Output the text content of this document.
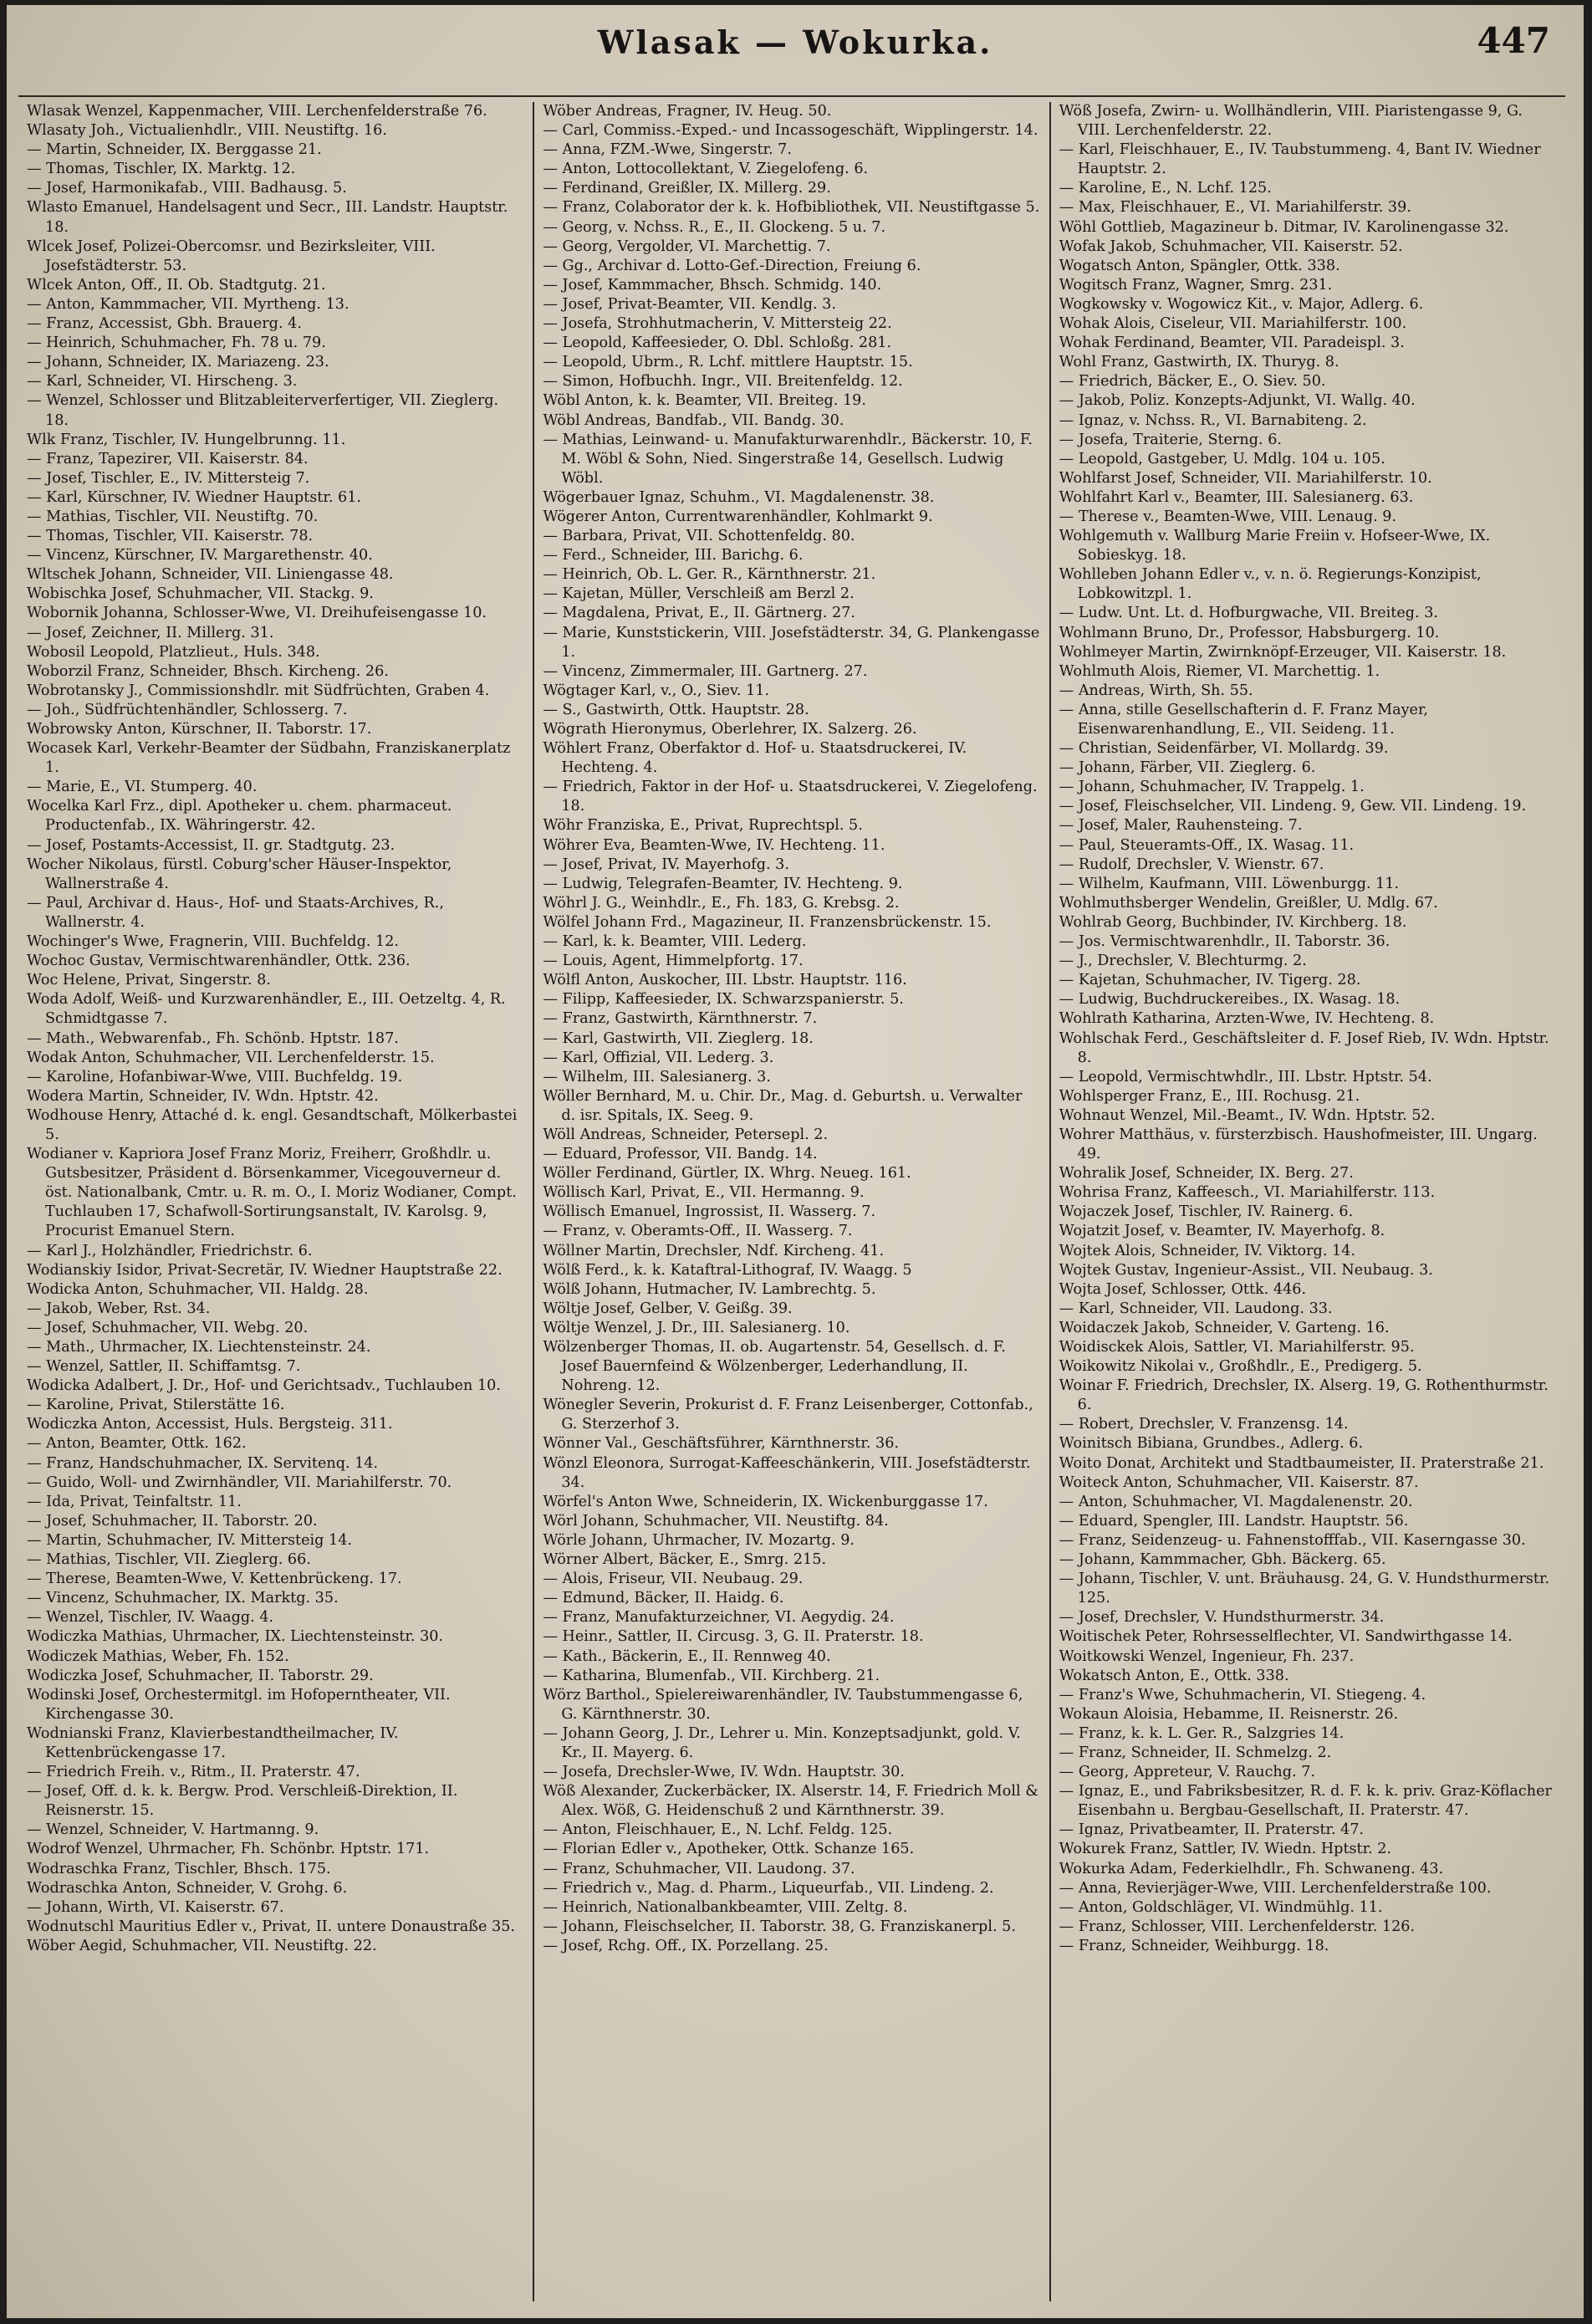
Wlasak — Wokurka.	447

Wlasak Wenzel, Kappenmacher, VIII. Lerchenfelderstraße 76.

Wlasaty Joh., Victualienhdlr., VIII. Neustiftg. 16.

— Martin, Schneider, IX. Berggasse 21.

— Thomas, Tischler, IX. Marktg. 12.

— Josef, Harmonikafab., VIII. Badhausg. 5.

Wlasto Emanuel, Handelsagent und Secr., III. Landstr. Hauptstr. 18.

Wlcek Josef, Polizei-Obercomsr. und Bezirksleiter, VIII. Josefstädterstr. 53.

Wlcek Anton, Off., II. Ob. Stadtgutg. 21.

— Anton, Kammmacher, VII. Myrtheng. 13.

— Franz, Accessist, Gbh. Brauerg. 4.

— Heinrich, Schuhmacher, Fh. 78 u. 79.

— Johann, Schneider, IX. Mariazeng. 23.

— Karl, Schneider, VI. Hirscheng. 3.

— Wenzel, Schlosser und Blitzableiterverfertiger, VII. Zieglerg. 18.

Wlk Franz, Tischler, IV. Hungelbrunng. 11.

— Franz, Tapezirer, VII. Kaiserstr. 84.

— Josef, Tischler, E., IV. Mittersteig 7.

— Karl, Kürschner, IV. Wiedner Hauptstr. 61.

— Mathias, Tischler, VII. Neustiftg. 70.

— Thomas, Tischler, VII. Kaiserstr. 78.

— Vincenz, Kürschner, IV. Margarethenstr. 40.

Wltschek Johann, Schneider, VII. Liniengasse 48.

Wobischka Josef, Schuhmacher, VII. Stackg. 9.

Wobornik Johanna, Schlosser-Wwe, VI. Dreihufeisengasse 10.

— Josef, Zeichner, II. Millerg. 31.

Wobosil Leopold, Platzlieut., Huls. 348.

Woborzil Franz, Schneider, Bhsch. Kircheng. 26.

Wobrotansky J., Commissionshdlr. mit Südfrüchten, Graben 4.

— Joh., Südfrüchtenhändler, Schlosserg. 7.

Wobrowsky Anton, Kürschner, II. Taborstr. 17.

Wocasek Karl, Verkehr-Beamter der Südbahn, Franziskanerplatz 1.

— Marie, E., VI. Stumperg. 40.

Wocelka Karl Frz., dipl. Apotheker u. chem. pharmaceut. Productenfab., IX. Währingerstr. 42.

— Josef, Postamts-Accessist, II. gr. Stadtgutg. 23.

Wocher Nikolaus, fürstl. Coburg'scher Häuser-Inspektor, Wallnerstraße 4.

— Paul, Archivar d. Haus-, Hof- und Staats-Archives, R., Wallnerstr. 4.

Wochinger's Wwe, Fragnerin, VIII. Buchfeldg. 12.

Wochoc Gustav, Vermischtwarenhändler, Ottk. 236.

Woc Helene, Privat, Singerstr. 8.

Woda Adolf, Weiß- und Kurzwarenhändler, E., III. Oetzeltg. 4, R. Schmidtgasse 7.

— Math., Webwarenfab., Fh. Schönb. Hptstr. 187.

Wodak Anton, Schuhmacher, VII. Lerchenfelderstr. 15.

— Karoline, Hofanbiwar-Wwe, VIII. Buchfeldg. 19.

Wodera Martin, Schneider, IV. Wdn. Hptstr. 42.

Wodhouse Henry, Attaché d. k. engl. Gesandtschaft, Mölkerbastei 5.

Wodianer v. Kapriora Josef Franz Moriz, Freiherr, Großhdlr. u. Gutsbesitzer, Präsident d. Börsenkammer, Vicegouverneur d. öst. Nationalbank, Cmtr. u. R. m. O., I. Moriz Wodianer, Compt. Tuchlauben 17, Schafwoll-Sortirungsanstalt, IV. Karolsg. 9, Procurist Emanuel Stern.

— Karl J., Holzhändler, Friedrichstr. 6.

Wodianskiy Isidor, Privat-Secretär, IV. Wiedner Hauptstraße 22.

Wodicka Anton, Schuhmacher, VII. Haldg. 28.

— Jakob, Weber, Rst. 34.

— Josef, Schuhmacher, VII. Webg. 20.

— Math., Uhrmacher, IX. Liechtensteinstr. 24.

— Wenzel, Sattler, II. Schiffamtsg. 7.

Wodicka Adalbert, J. Dr., Hof- und Gerichtsadv., Tuchlauben 10.

— Karoline, Privat, Stilerstätte 16.

Wodiczka Anton, Accessist, Huls. Bergsteig. 311.

— Anton, Beamter, Ottk. 162.

— Franz, Handschuhmacher, IX. Servitenq. 14.

— Guido, Woll- und Zwirnhändler, VII. Mariahilferstr. 70.

— Ida, Privat, Teinfaltstr. 11.

— Josef, Schuhmacher, II. Taborstr. 20.

— Martin, Schuhmacher, IV. Mittersteig 14.

— Mathias, Tischler, VII. Zieglerg. 66.

— Therese, Beamten-Wwe, V. Kettenbrückeng. 17.

— Vincenz, Schuhmacher, IX. Marktg. 35.

— Wenzel, Tischler, IV. Waagg. 4.

Wodiczka Mathias, Uhrmacher, IX. Liechtensteinstr. 30.

Wodiczek Mathias, Weber, Fh. 152.

Wodiczka Josef, Schuhmacher, II. Taborstr. 29.

Wodinski Josef, Orchestermitgl. im Hofoperntheater, VII. Kirchengasse 30.

Wodnianski Franz, Klavierbestandtheilmacher, IV. Kettenbrückengasse 17.

— Friedrich Freih. v., Ritm., II. Praterstr. 47.

— Josef, Off. d. k. k. Bergw. Prod. Verschleiß-Direktion, II. Reisnerstr. 15.

— Wenzel, Schneider, V. Hartmanng. 9.

Wodrof Wenzel, Uhrmacher, Fh. Schönbr. Hptstr. 171.

Wodraschka Franz, Tischler, Bhsch. 175.

Wodraschka Anton, Schneider, V. Grohg. 6.

— Johann, Wirth, VI. Kaiserstr. 67.

Wodnutschl Mauritius Edler v., Privat, II. untere Donaustraße 35.

Wöber Aegid, Schuhmacher, VII. Neustiftg. 22.

Wöber Andreas, Fragner, IV. Heug. 50.

— Carl, Commiss.-Exped.- und Incassogeschäft, Wipplingerstr. 14.

— Anna, FZM.-Wwe, Singerstr. 7.

— Anton, Lottocollektant, V. Ziegelofeng. 6.

— Ferdinand, Greißler, IX. Millerg. 29.

— Franz, Colaborator der k. k. Hofbibliothek, VII. Neustiftgasse 5.

— Georg, v. Nchss. R., E., II. Glockeng. 5 u. 7.

— Georg, Vergolder, VI. Marchettig. 7.

— Gg., Archivar d. Lotto-Gef.-Direction, Freiung 6.

— Josef, Kammmacher, Bhsch. Schmidg. 140.

— Josef, Privat-Beamter, VII. Kendlg. 3.

— Josefa, Strohhutmacherin, V. Mittersteig 22.

— Leopold, Kaffeesieder, O. Dbl. Schloßg. 281.

— Leopold, Ubrm., R. Lchf. mittlere Hauptstr. 15.

— Simon, Hofbuchh. Ingr., VII. Breitenfeldg. 12.

Wöbl Anton, k. k. Beamter, VII. Breiteg. 19.

Wöbl Andreas, Bandfab., VII. Bandg. 30.

— Mathias, Leinwand- u. Manufakturwarenhdlr., Bäckerstr. 10, F. M. Wöbl & Sohn, Nied. Singerstraße 14, Gesellsch. Ludwig Wöbl.

Wögerbauer Ignaz, Schuhm., VI. Magdalenenstr. 38.

Wögerer Anton, Currentwarenhändler, Kohlmarkt 9.

— Barbara, Privat, VII. Schottenfeldg. 80.

— Ferd., Schneider, III. Barichg. 6.

— Heinrich, Ob. L. Ger. R., Kärnthnerstr. 21.

— Kajetan, Müller, Verschleiß am Berzl 2.

— Magdalena, Privat, E., II. Gärtnerg. 27.

— Marie, Kunststickerin, VIII. Josefstädterstr. 34, G. Plankengasse 1.

— Vincenz, Zimmermaler, III. Gartnerg. 27.

Wögtager Karl, v., O., Siev. 11.

— S., Gastwirth, Ottk. Hauptstr. 28.

Wögrath Hieronymus, Oberlehrer, IX. Salzerg. 26.

Wöhlert Franz, Oberfaktor d. Hof- u. Staatsdruckerei, IV. Hechteng. 4.

— Friedrich, Faktor in der Hof- u. Staatsdruckerei, V. Ziegelofeng. 18.

Wöhr Franziska, E., Privat, Ruprechtspl. 5.

Wöhrer Eva, Beamten-Wwe, IV. Hechteng. 11.

— Josef, Privat, IV. Mayerhofg. 3.

— Ludwig, Telegrafen-Beamter, IV. Hechteng. 9.

Wöhrl J. G., Weinhdlr., E., Fh. 183, G. Krebsg. 2.

Wölfel Johann Frd., Magazineur, II. Franzensbrückenstr. 15.

— Karl, k. k. Beamter, VIII. Lederg.

— Louis, Agent, Himmelpfortg. 17.

Wölfl Anton, Auskocher, III. Lbstr. Hauptstr. 116.

— Filipp, Kaffeesieder, IX. Schwarzspanierstr. 5.

— Franz, Gastwirth, Kärnthnerstr. 7.

— Karl, Gastwirth, VII. Zieglerg. 18.

— Karl, Offizial, VII. Lederg. 3.

— Wilhelm, III. Salesianerg. 3.

Wöller Bernhard, M. u. Chir. Dr., Mag. d. Geburtsh. u. Verwalter d. isr. Spitals, IX. Seeg. 9.

Wöll Andreas, Schneider, Petersepl. 2.

— Eduard, Professor, VII. Bandg. 14.

Wöller Ferdinand, Gürtler, IX. Whrg. Neueg. 161.

Wöllisch Karl, Privat, E., VII. Hermanng. 9.

Wöllisch Emanuel, Ingrossist, II. Wasserg. 7.

— Franz, v. Oberamts-Off., II. Wasserg. 7.

Wöllner Martin, Drechsler, Ndf. Kircheng. 41.

Wölß Ferd., k. k. Kataftral-Lithograf, IV. Waagg. 5

Wölß Johann, Hutmacher, IV. Lambrechtg. 5.

Wöltje Josef, Gelber, V. Geißg. 39.

Wöltje Wenzel, J. Dr., III. Salesianerg. 10.

Wölzenberger Thomas, II. ob. Augartenstr. 54, Gesellsch. d. F. Josef Bauernfeind & Wölzenberger, Lederhandlung, II. Nohreng. 12.

Wönegler Severin, Prokurist d. F. Franz Leisenberger, Cottonfab., G. Sterzerhof 3.

Wönner Val., Geschäftsführer, Kärnthnerstr. 36.

Wönzl Eleonora, Surrogat-Kaffeeschänkerin, VIII. Josefstädterstr. 34.

Wörfel's Anton Wwe, Schneiderin, IX. Wickenburggasse 17.

Wörl Johann, Schuhmacher, VII. Neustiftg. 84.

Wörle Johann, Uhrmacher, IV. Mozartg. 9.

Wörner Albert, Bäcker, E., Smrg. 215.

— Alois, Friseur, VII. Neubaug. 29.

— Edmund, Bäcker, II. Haidg. 6.

— Franz, Manufakturzeichner, VI. Aegydig. 24.

— Heinr., Sattler, II. Circusg. 3, G. II. Praterstr. 18.

— Kath., Bäckerin, E., II. Rennweg 40.

— Katharina, Blumenfab., VII. Kirchberg. 21.

Wörz Barthol., Spielereiwarenhändler, IV. Taubstummengasse 6, G. Kärnthnerstr. 30.

— Johann Georg, J. Dr., Lehrer u. Min. Konzeptsadjunkt, gold. V. Kr., II. Mayerg. 6.

— Josefa, Drechsler-Wwe, IV. Wdn. Hauptstr. 30.

Wöß Alexander, Zuckerbäcker, IX. Alserstr. 14, F. Friedrich Moll & Alex. Wöß, G. Heidenschuß 2 und Kärnthnerstr. 39.

— Anton, Fleischhauer, E., N. Lchf. Feldg. 125.

— Florian Edler v., Apotheker, Ottk. Schanze 165.

— Franz, Schuhmacher, VII. Laudong. 37.

— Friedrich v., Mag. d. Pharm., Liqueurfab., VII. Lindeng. 2.

— Heinrich, Nationalbankbeamter, VIII. Zeltg. 8.

— Johann, Fleischselcher, II. Taborstr. 38, G. Franziskanerpl. 5.

— Josef, Rchg. Off., IX. Porzellang. 25.

Wöß Josefa, Zwirn- u. Wollhändlerin, VIII. Piaristengasse 9, G. VIII. Lerchenfelderstr. 22.

— Karl, Fleischhauer, E., IV. Taubstummeng. 4, Bant IV. Wiedner Hauptstr. 2.

— Karoline, E., N. Lchf. 125.

— Max, Fleischhauer, E., VI. Mariahilferstr. 39.

Wöhl Gottlieb, Magazineur b. Ditmar, IV. Karolinengasse 32.

Wofak Jakob, Schuhmacher, VII. Kaiserstr. 52.

Wogatsch Anton, Spängler, Ottk. 338.

Wogitsch Franz, Wagner, Smrg. 231.

Wogkowsky v. Wogowicz Kit., v. Major, Adlerg. 6.

Wohak Alois, Ciseleur, VII. Mariahilferstr. 100.

Wohak Ferdinand, Beamter, VII. Paradeispl. 3.

Wohl Franz, Gastwirth, IX. Thuryg. 8.

— Friedrich, Bäcker, E., O. Siev. 50.

— Jakob, Poliz. Konzepts-Adjunkt, VI. Wallg. 40.

— Ignaz, v. Nchss. R., VI. Barnabiteng. 2.

— Josefa, Traiterie, Sterng. 6.

— Leopold, Gastgeber, U. Mdlg. 104 u. 105.

Wohlfarst Josef, Schneider, VII. Mariahilferstr. 10.

Wohlfahrt Karl v., Beamter, III. Salesianerg. 63.

— Therese v., Beamten-Wwe, VIII. Lenaug. 9.

Wohlgemuth v. Wallburg Marie Freiin v. Hofseer-Wwe, IX. Sobieskyg. 18.

Wohlleben Johann Edler v., v. n. ö. Regierungs-Konzipist, Lobkowitzpl. 1.

— Ludw. Unt. Lt. d. Hofburgwache, VII. Breiteg. 3.

Wohlmann Bruno, Dr., Professor, Habsburgerg. 10.

Wohlmeyer Martin, Zwirnknöpf-Erzeuger, VII. Kaiserstr. 18.

Wohlmuth Alois, Riemer, VI. Marchettig. 1.

— Andreas, Wirth, Sh. 55.

— Anna, stille Gesellschafterin d. F. Franz Mayer, Eisenwarenhandlung, E., VII. Seideng. 11.

— Christian, Seidenfärber, VI. Mollardg. 39.

— Johann, Färber, VII. Zieglerg. 6.

— Johann, Schuhmacher, IV. Trappelg. 1.

— Josef, Fleischselcher, VII. Lindeng. 9, Gew. VII. Lindeng. 19.

— Josef, Maler, Rauhensteing. 7.

— Paul, Steueramts-Off., IX. Wasag. 11.

— Rudolf, Drechsler, V. Wienstr. 67.

— Wilhelm, Kaufmann, VIII. Löwenburgg. 11.

Wohlmuthsberger Wendelin, Greißler, U. Mdlg. 67.

Wohlrab Georg, Buchbinder, IV. Kirchberg. 18.

— Jos. Vermischtwarenhdlr., II. Taborstr. 36.

— J., Drechsler, V. Blechturmg. 2.

— Kajetan, Schuhmacher, IV. Tigerg. 28.

— Ludwig, Buchdruckereibes., IX. Wasag. 18.

Wohlrath Katharina, Arzten-Wwe, IV. Hechteng. 8.

Wohlschak Ferd., Geschäftsleiter d. F. Josef Rieb, IV. Wdn. Hptstr. 8.

— Leopold, Vermischtwhdlr., III. Lbstr. Hptstr. 54.

Wohlsperger Franz, E., III. Rochusg. 21.

Wohnaut Wenzel, Mil.-Beamt., IV. Wdn. Hptstr. 52.

Wohrer Matthäus, v. fürsterzbisch. Haushofmeister, III. Ungarg. 49.

Wohralik Josef, Schneider, IX. Berg. 27.

Wohrisa Franz, Kaffeesch., VI. Mariahilferstr. 113.

Wojaczek Josef, Tischler, IV. Rainerg. 6.

Wojatzit Josef, v. Beamter, IV. Mayerhofg. 8.

Wojtek Alois, Schneider, IV. Viktorg. 14.

Wojtek Gustav, Ingenieur-Assist., VII. Neubaug. 3.

Wojta Josef, Schlosser, Ottk. 446.

— Karl, Schneider, VII. Laudong. 33.

Woidaczek Jakob, Schneider, V. Garteng. 16.

Woidisckek Alois, Sattler, VI. Mariahilferstr. 95.

Woikowitz Nikolai v., Großhdlr., E., Predigerg. 5.

Woinar F. Friedrich, Drechsler, IX. Alserg. 19, G. Rothenthurmstr. 6.

— Robert, Drechsler, V. Franzensg. 14.

Woinitsch Bibiana, Grundbes., Adlerg. 6.

Woito Donat, Architekt und Stadtbaumeister, II. Praterstraße 21.

Woiteck Anton, Schuhmacher, VII. Kaiserstr. 87.

— Anton, Schuhmacher, VI. Magdalenenstr. 20.

— Eduard, Spengler, III. Landstr. Hauptstr. 56.

— Franz, Seidenzeug- u. Fahnenstofffab., VII. Kaserngasse 30.

— Johann, Kammmacher, Gbh. Bäckerg. 65.

— Johann, Tischler, V. unt. Bräuhausg. 24, G. V. Hundsthurmerstr. 125.

— Josef, Drechsler, V. Hundsthurmerstr. 34.

Woitischek Peter, Rohrsesselflechter, VI. Sandwirthgasse 14.

Woitkowski Wenzel, Ingenieur, Fh. 237.

Wokatsch Anton, E., Ottk. 338.

— Franz's Wwe, Schuhmacherin, VI. Stiegeng. 4.

Wokaun Aloisia, Hebamme, II. Reisnerstr. 26.

— Franz, k. k. L. Ger. R., Salzgries 14.

— Franz, Schneider, II. Schmelzg. 2.

— Georg, Appreteur, V. Rauchg. 7.

— Ignaz, E., und Fabriksbesitzer, R. d. F. k. k. priv. Graz-Köflacher Eisenbahn u. Bergbau-Gesellschaft, II. Praterstr. 47.

— Ignaz, Privatbeamter, II. Praterstr. 47.

Wokurek Franz, Sattler, IV. Wiedn. Hptstr. 2.

Wokurka Adam, Federkielhdlr., Fh. Schwaneng. 43.

— Anna, Revierjäger-Wwe, VIII. Lerchenfelderstraße 100.

— Anton, Goldschläger, VI. Windmühlg. 11.

— Franz, Schlosser, VIII. Lerchenfelderstr. 126.

— Franz, Schneider, Weihburgg. 18.
